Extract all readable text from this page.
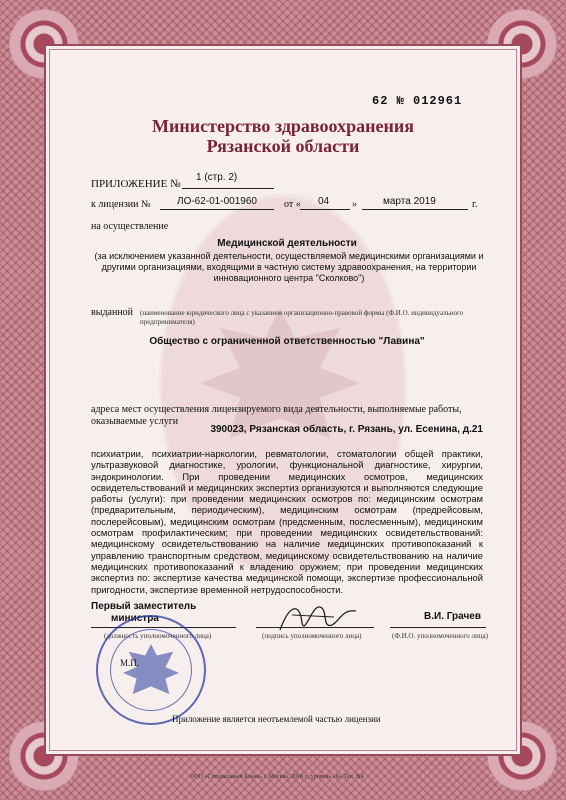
62 № 012961
Министерство здравоохранения
Рязанской области
ПРИЛОЖЕНИЕ №
1 (стр. 2)
к лицензии №	ЛО-62-01-001960	от « 04 »	марта 2019	г.
на осуществление
Медицинской деятельности
(за исключением указанной деятельности, осуществляемой медицинскими организациями и другими организациями, входящими в частную систему здравоохранения, на территории инновационного центра "Сколково")
выданной (наименование юридического лица с указанием организационно-правовой формы (Ф.И.О. индивидуального предпринимателя)
Общество с ограниченной ответственностью "Лавина"
адреса мест осуществления лицензируемого вида деятельности, выполняемые работы, оказываемые услуги
390023, Рязанская область, г. Рязань, ул. Есенина, д.21
психиатрии, психиатрии-наркологии, ревматологии, стоматологии общей практики, ультразвуковой диагностике, урологии, функциональной диагностике, хирургии, эндокринологии. При проведении медицинских осмотров, медицинских освидетельствований и медицинских экспертиз организуются и выполняются следующие работы (услуги): при проведении медицинских осмотров по: медицинским осмотрам (предварительным, периодическим), медицинским осмотрам (предрейсовым, послерейсовым), медицинским осмотрам (предсменным, послесменным), медицинским осмотрам профилактическим; при проведении медицинских освидетельствований: медицинскому освидетельствованию на наличие медицинских противопоказаний к управлению транспортным средством, медицинскому освидетельствованию на наличие медицинских противопоказаний к владению оружием; при проведении медицинских экспертиз по: экспертизе качества медицинской помощи, экспертизе профессиональной пригодности, экспертизе временной нетрудоспособности.
Первый заместитель
министра	В.И. Грачев
(должность уполномоченного лица)	(подпись уполномоченного лица)	(Ф.И.О. уполномоченного лица)
М.П.
Приложение является неотъемлемой частью лицензии
ООО «Специальный Бланк» г. Москва, 2018 г., уровень «Б» Тел. 8(4
